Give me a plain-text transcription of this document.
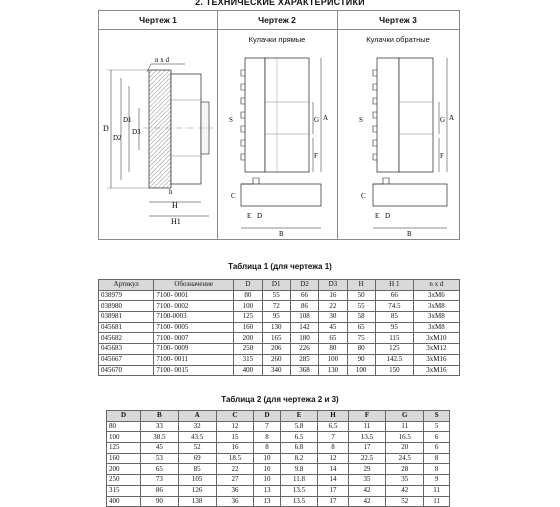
2. ТЕХНИЧЕСКИЕ ХАРАКТЕРИСТИКИ
Чертеж 1
n x d
D
D2
D1
D3
h
H
H1
Чертеж 2
Кулачки прямые
A
G
F
S
C
E D
B
Чертеж 3
Кулачки обратные
A
G
F
S
C
E D
B
Таблица 1 (для чертежа 1)
Артикул	Обозначение	D	D1	D2	D3	H	H 1	n x d
038979	7100- 0001	80	55	66	16	50	66	3xM6
038980	7100- 0002	100	72	86	22	55	74.5	3xM8
038981	7100-0003	125	95	108	30	58	85	3xM8
045681	7100- 0005	160	130	142	45	65	95	3xM8
045682	7100- 0007	200	165	180	65	75	115	3xM10
045683	7100- 0009	250	206	226	80	80	125	3xM12
045667	7100- 0011	315	260	285	100	90	142.5	3xM16
045670	7100- 0015	400	340	368	130	100	150	3xM16
Таблица 2 (для чертежа 2 и 3)
D	B	A	C	D	E	H	F	G	S
80	33	32	12	7	5.8	6.5	11	11	5
100	38.5	43.5	15	8	6.5	7	13.5	16.5	6
125	45	52	16	8	6.8	8	17	20	6
160	53	69	18.5	10	8.2	12	22.5	24.5	8
200	65	85	22	10	9.8	14	29	28	8
250	73	105	27	10	11.8	14	35	35	9
315	86	126	36	13	13.5	17	42	42	11
400	90	138	36	13	13.5	17	42	52	11
